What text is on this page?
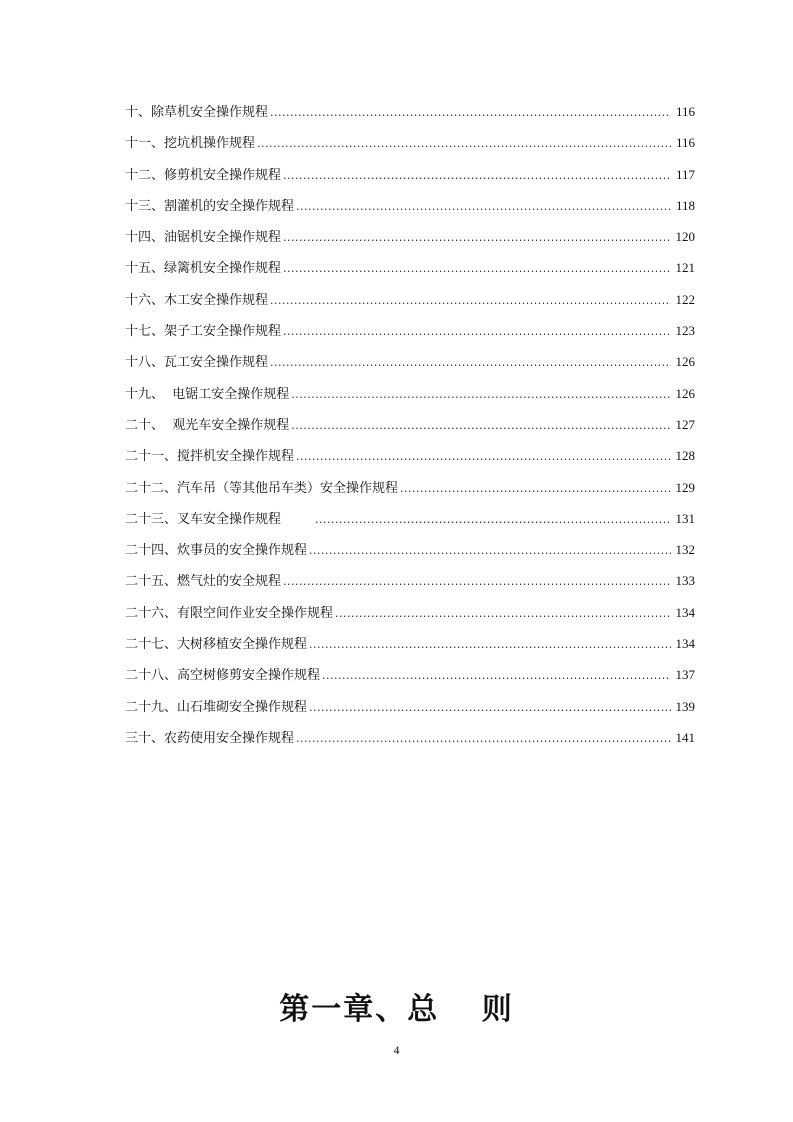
十、除草机安全操作规程 .....	116
十一、挖坑机操作规程 .....	116
十二、修剪机安全操作规程 .....	117
十三、割灌机的安全操作规程 .....	118
十四、油锯机安全操作规程 .....	120
十五、绿篱机安全操作规程 .....	121
十六、木工安全操作规程 .....	122
十七、架子工安全操作规程 .....	123
十八、瓦工安全操作规程 .....	126
十九、  电锯工安全操作规程 .....	126
二十、  观光车安全操作规程 .....	127
二十一、搅拌机安全操作规程 .....	128
二十二、汽车吊（等其他吊车类）安全操作规程 .....	129
二十三、叉车安全操作规程 .....	131
二十四、炊事员的安全操作规程 .....	132
二十五、燃气灶的安全规程 .....	133
二十六、有限空间作业安全操作规程 .....	134
二十七、大树移植安全操作规程 .....	134
二十八、高空树修剪安全操作规程 .....	137
二十九、山石堆砌安全操作规程 .....	139
三十、农药使用安全操作规程 .....	141
第一章、总 则
4
